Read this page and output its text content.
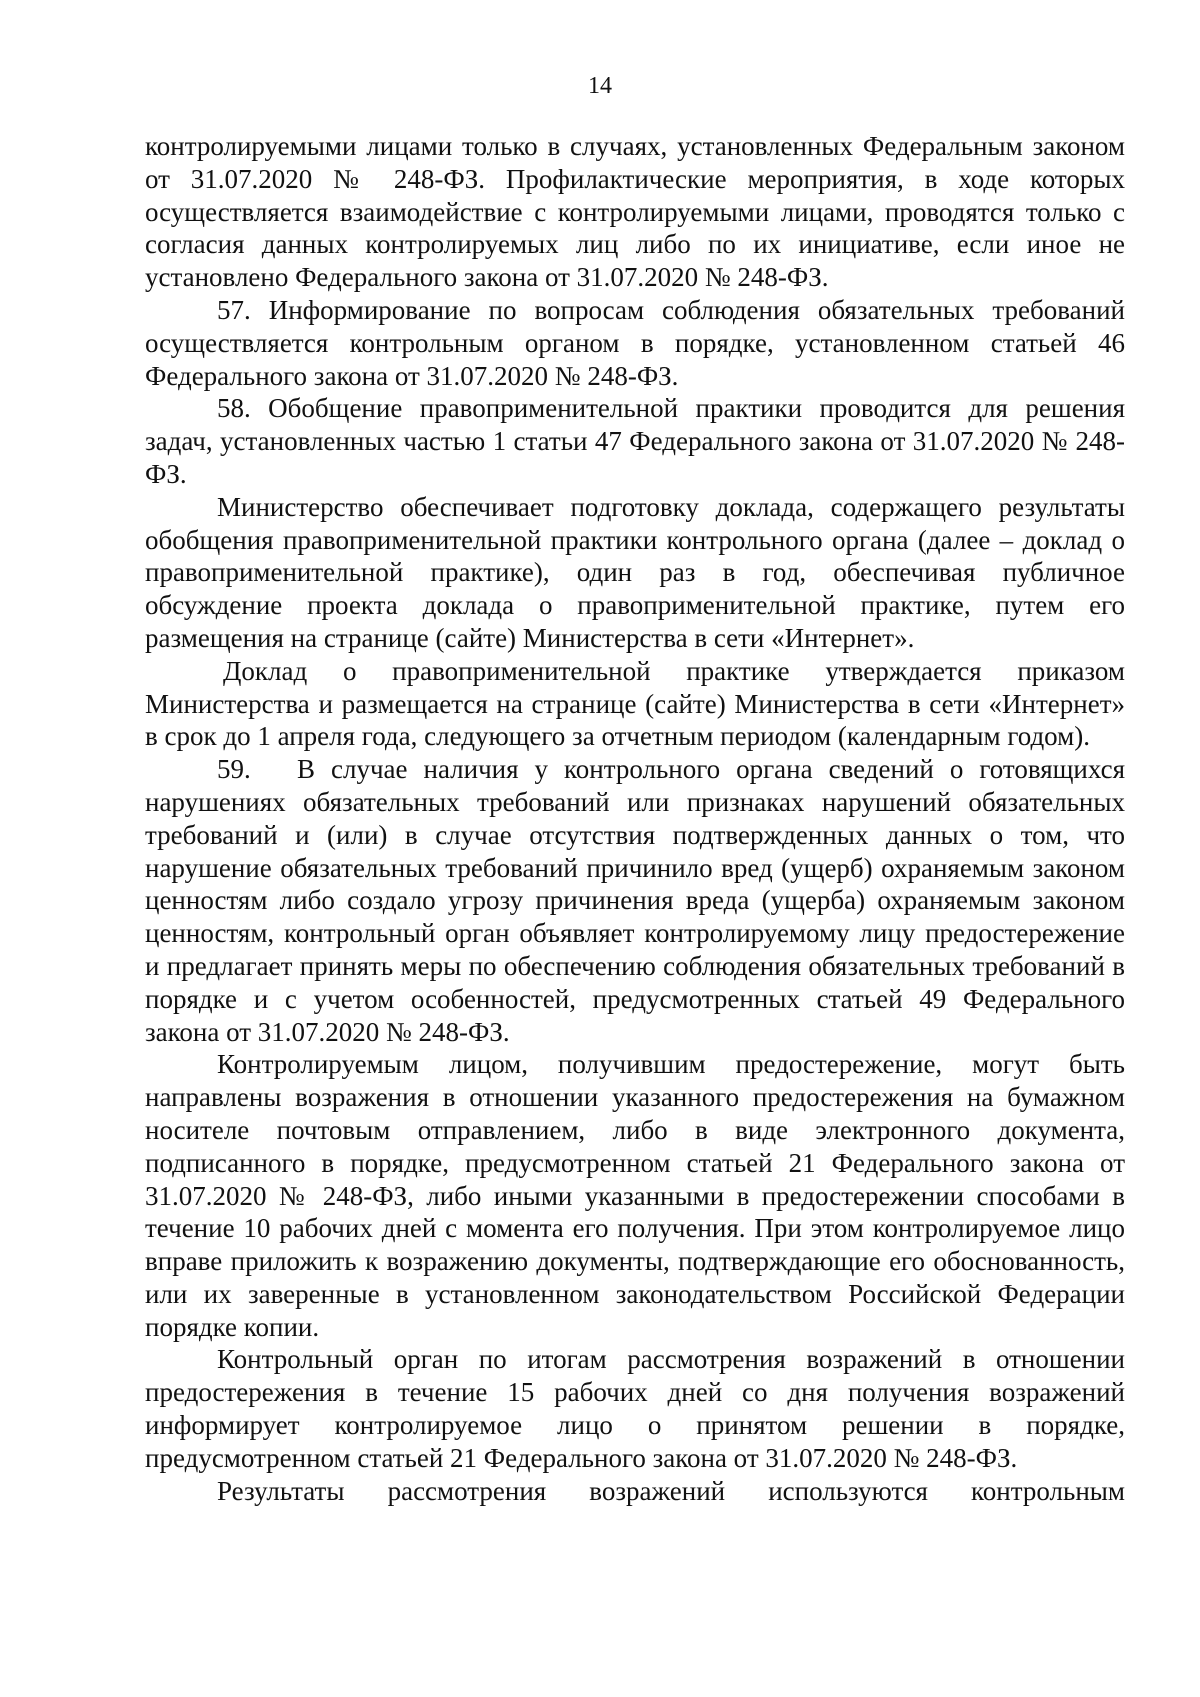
14

контролируемыми лицами только в случаях, установленных Федеральным законом от 31.07.2020 № 248-ФЗ. Профилактические мероприятия, в ходе которых осуществляется взаимодействие с контролируемыми лицами, проводятся только с согласия данных контролируемых лиц либо по их инициативе, если иное не установлено Федерального закона от 31.07.2020 № 248-ФЗ.

57. Информирование по вопросам соблюдения обязательных требований осуществляется контрольным органом в порядке, установленном статьей 46 Федерального закона от 31.07.2020 № 248-ФЗ.

58. Обобщение правоприменительной практики проводится для решения задач, установленных частью 1 статьи 47 Федерального закона от 31.07.2020 № 248-ФЗ.

Министерство обеспечивает подготовку доклада, содержащего результаты обобщения правоприменительной практики контрольного органа (далее – доклад о правоприменительной практике), один раз в год, обеспечивая публичное обсуждение проекта доклада о правоприменительной практике, путем его размещения на странице (сайте) Министерства в сети «Интернет».

Доклад о правоприменительной практике утверждается приказом Министерства и размещается на странице (сайте) Министерства в сети «Интернет» в срок до 1 апреля года, следующего за отчетным периодом (календарным годом).

59. В случае наличия у контрольного органа сведений о готовящихся нарушениях обязательных требований или признаках нарушений обязательных требований и (или) в случае отсутствия подтвержденных данных о том, что нарушение обязательных требований причинило вред (ущерб) охраняемым законом ценностям либо создало угрозу причинения вреда (ущерба) охраняемым законом ценностям, контрольный орган объявляет контролируемому лицу предостережение и предлагает принять меры по обеспечению соблюдения обязательных требований в порядке и с учетом особенностей, предусмотренных статьей 49 Федерального закона от 31.07.2020 № 248-ФЗ.

Контролируемым лицом, получившим предостережение, могут быть направлены возражения в отношении указанного предостережения на бумажном носителе почтовым отправлением, либо в виде электронного документа, подписанного в порядке, предусмотренном статьей 21 Федерального закона от 31.07.2020 № 248-ФЗ, либо иными указанными в предостережении способами в течение 10 рабочих дней с момента его получения. При этом контролируемое лицо вправе приложить к возражению документы, подтверждающие его обоснованность, или их заверенные в установленном законодательством Российской Федерации порядке копии.

Контрольный орган по итогам рассмотрения возражений в отношении предостережения в течение 15 рабочих дней со дня получения возражений информирует контролируемое лицо о принятом решении в порядке, предусмотренном статьей 21 Федерального закона от 31.07.2020 № 248-ФЗ.

Результаты рассмотрения возражений используются контрольным
